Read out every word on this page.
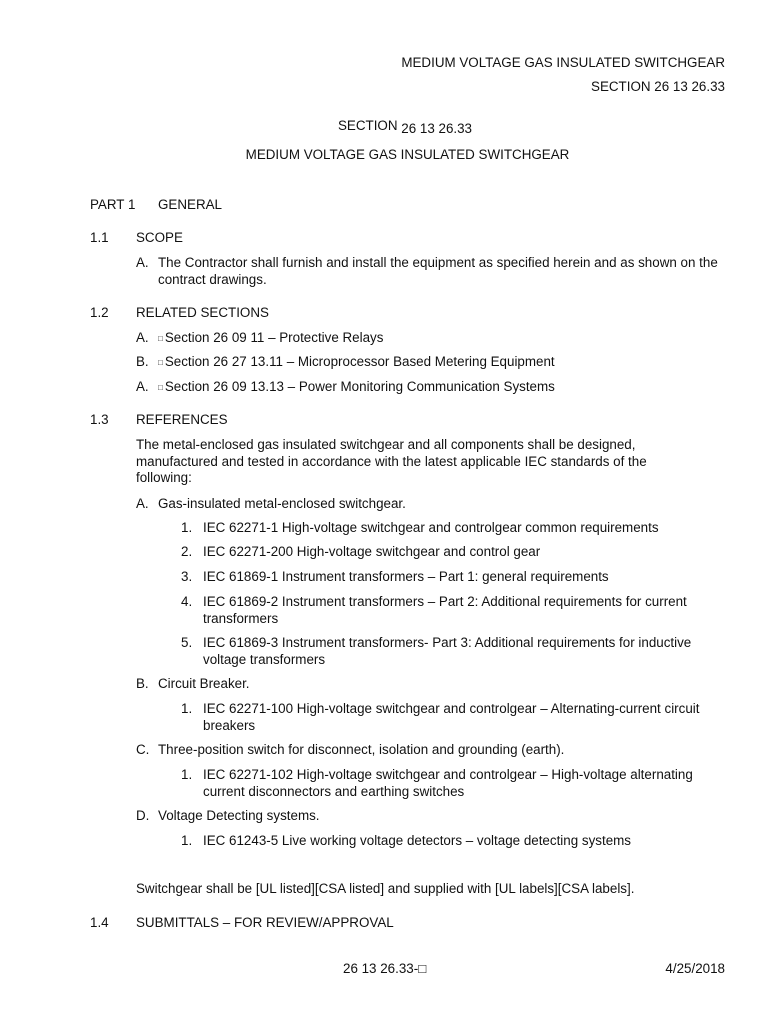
MEDIUM VOLTAGE GAS INSULATED SWITCHGEAR
SECTION 26 13 26.33
SECTION 26 13 26.33
MEDIUM VOLTAGE GAS INSULATED SWITCHGEAR
PART 1 GENERAL
1.1 SCOPE
A. The Contractor shall furnish and install the equipment as specified herein and as shown on the contract drawings.
1.2 RELATED SECTIONS
A. □ Section 26 09 11 – Protective Relays
B. □ Section 26 27 13.11 – Microprocessor Based Metering Equipment
A. □ Section 26 09 13.13 – Power Monitoring Communication Systems
1.3 REFERENCES
The metal-enclosed gas insulated switchgear and all components shall be designed, manufactured and tested in accordance with the latest applicable IEC standards of the following:
A. Gas-insulated metal-enclosed switchgear.
1. IEC 62271-1 High-voltage switchgear and controlgear common requirements
2. IEC 62271-200 High-voltage switchgear and control gear
3. IEC 61869-1 Instrument transformers – Part 1: general requirements
4. IEC 61869-2 Instrument transformers – Part 2: Additional requirements for current transformers
5. IEC 61869-3 Instrument transformers- Part 3: Additional requirements for inductive voltage transformers
B. Circuit Breaker.
1. IEC 62271-100 High-voltage switchgear and controlgear – Alternating-current circuit breakers
C. Three-position switch for disconnect, isolation and grounding (earth).
1. IEC 62271-102 High-voltage switchgear and controlgear – High-voltage alternating current disconnectors and earthing switches
D. Voltage Detecting systems.
1. IEC 61243-5 Live working voltage detectors – voltage detecting systems
Switchgear shall be [UL listed][CSA listed] and supplied with [UL labels][CSA labels].
1.4 SUBMITTALS – FOR REVIEW/APPROVAL
26 13 26.33-□	4/25/2018
